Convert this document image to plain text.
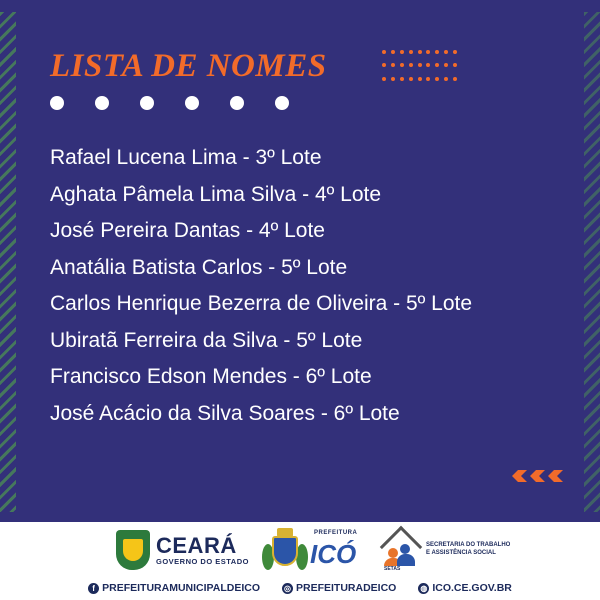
LISTA DE NOMES
Rafael Lucena Lima - 3º Lote
Aghata Pâmela Lima Silva - 4º Lote
José Pereira Dantas - 4º Lote
Anatália Batista Carlos - 5º Lote
Carlos Henrique Bezerra de Oliveira - 5º Lote
Ubiratã Ferreira da Silva - 5º Lote
Francisco Edson Mendes - 6º Lote
José Acácio da Silva Soares - 6º Lote
CEARÁ
GOVERNO DO ESTADO
PREFEITURA
ICÓ
SETAS
SECRETARIA DO TRABALHO
E ASSISTÊNCIA SOCIAL
f PREFEITURAMUNICIPALDEICO	◎ PREFEITURADEICO	◍ ICO.CE.GOV.BR
